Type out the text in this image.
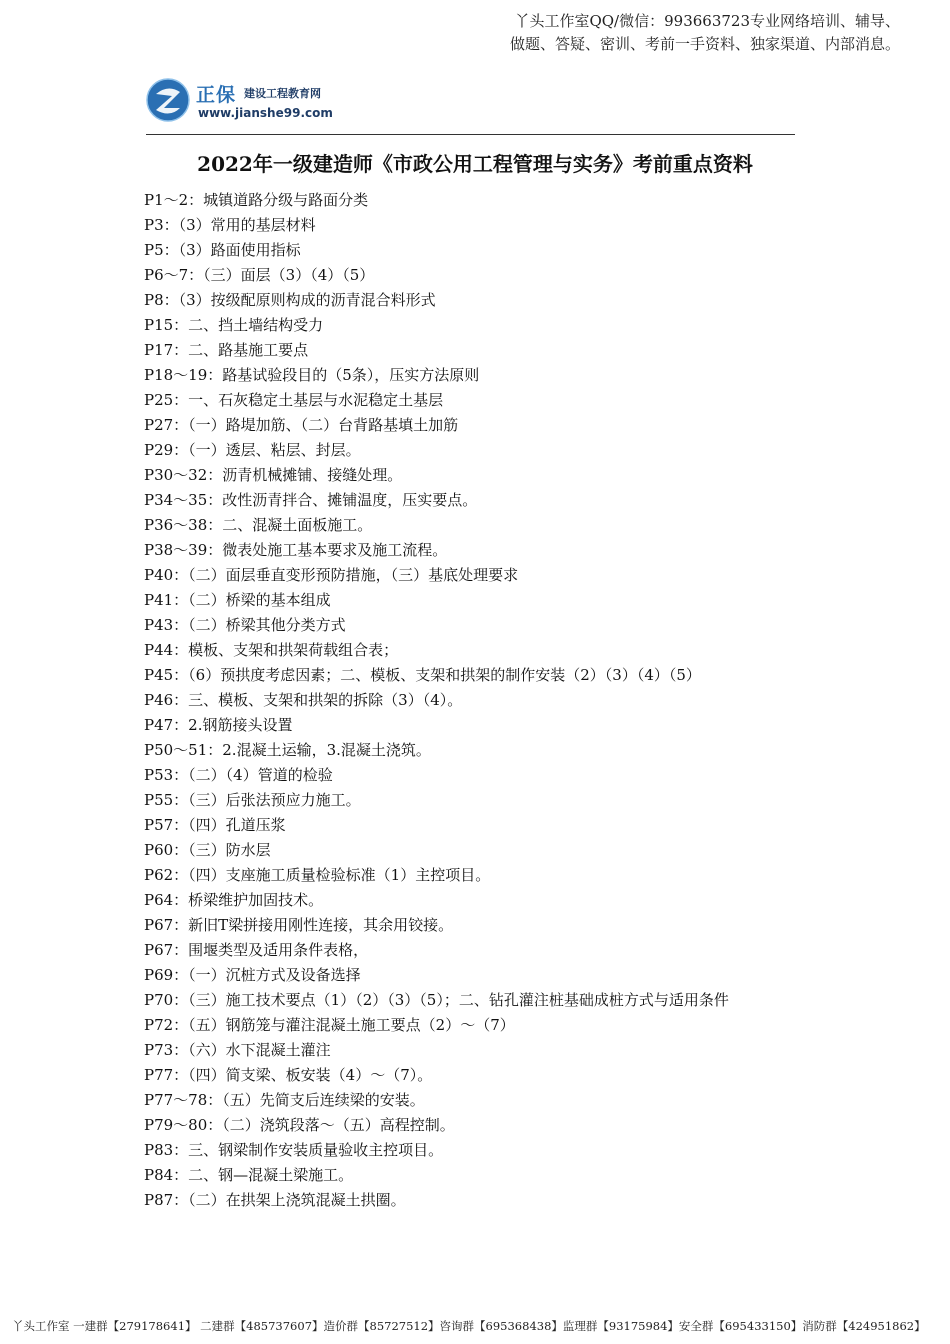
丫头工作室QQ/微信：993663723专业网络培训、辅导、
做题、答疑、密训、考前一手资料、独家渠道、内部消息。
正保 建设工程教育网
www.jianshe99.com
2022年一级建造师《市政公用工程管理与实务》考前重点资料
P1～2：城镇道路分级与路面分类
P3：（3）常用的基层材料
P5：（3）路面使用指标
P6～7：（三）面层（3）（4）（5）
P8：（3）按级配原则构成的沥青混合料形式
P15：二、挡土墙结构受力
P17：二、路基施工要点
P18～19：路基试验段目的（5条），压实方法原则
P25：一、石灰稳定土基层与水泥稳定土基层
P27：（一）路堤加筋、（二）台背路基填土加筋
P29：（一）透层、粘层、封层。
P30～32：沥青机械摊铺、接缝处理。
P34～35：改性沥青拌合、摊铺温度，压实要点。
P36～38：二、混凝土面板施工。
P38～39：微表处施工基本要求及施工流程。
P40：（二）面层垂直变形预防措施，（三）基底处理要求
P41：（二）桥梁的基本组成
P43：（二）桥梁其他分类方式
P44：模板、支架和拱架荷载组合表；
P45：（6）预拱度考虑因素；二、模板、支架和拱架的制作安装（2）（3）（4）（5）
P46：三、模板、支架和拱架的拆除（3）（4）。
P47：2.钢筋接头设置
P50～51：2.混凝土运输，3.混凝土浇筑。
P53：（二）（4）管道的检验
P55：（三）后张法预应力施工。
P57：（四）孔道压浆
P60：（三）防水层
P62：（四）支座施工质量检验标准（1）主控项目。
P64：桥梁维护加固技术。
P67：新旧T梁拼接用刚性连接，其余用铰接。
P67：围堰类型及适用条件表格，
P69：（一）沉桩方式及设备选择
P70：（三）施工技术要点（1）（2）（3）（5）；二、钻孔灌注桩基础成桩方式与适用条件
P72：（五）钢筋笼与灌注混凝土施工要点（2）～（7）
P73：（六）水下混凝土灌注
P77：（四）简支梁、板安装（4）～（7）。
P77～78：（五）先简支后连续梁的安装。
P79～80：（二）浇筑段落～（五）高程控制。
P83：三、钢梁制作安装质量验收主控项目。
P84：二、钢—混凝土梁施工。
P87：（二）在拱架上浇筑混凝土拱圈。
丫头工作室 一建群【279178641】 二建群【485737607】造价群【85727512】咨询群【695368438】监理群【93175984】安全群【695433150】消防群【424951862】
